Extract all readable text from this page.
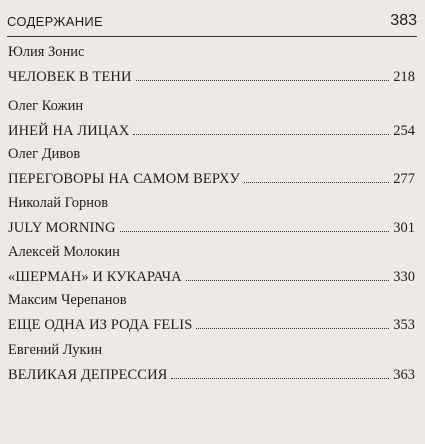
СОДЕРЖАНИЕ	383
Юлия Зонис
ЧЕЛОВЕК В ТЕНИ	218
Олег Кожин
ИНЕЙ НА ЛИЦАХ	254
Олег Дивов
ПЕРЕГОВОРЫ НА САМОМ ВЕРХУ	277
Николай Горнов
JULY MORNING	301
Алексей Молокин
«ШЕРМАН» И КУКАРАЧА	330
Максим Черепанов
ЕЩЕ ОДНА ИЗ РОДА FELIS	353
Евгений Лукин
ВЕЛИКАЯ ДЕПРЕССИЯ	363
